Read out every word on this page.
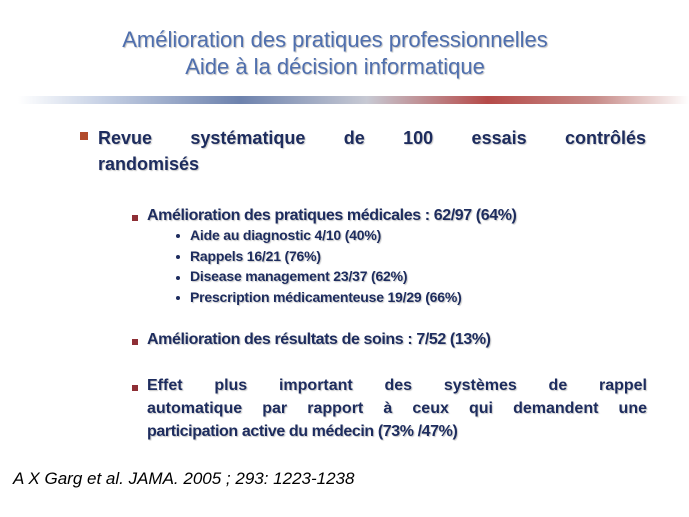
Amélioration des pratiques professionnelles
Aide à la décision informatique
Revue systématique de 100 essais contrôlés
randomisés
Amélioration des pratiques médicales : 62/97 (64%)
Aide au diagnostic 4/10 (40%)
Rappels 16/21 (76%)
Disease management 23/37 (62%)
Prescription médicamenteuse 19/29 (66%)
Amélioration des résultats de soins : 7/52 (13%)
Effet plus important des systèmes de rappel
automatique par rapport à ceux qui demandent une
participation active du médecin (73% /47%)
A X Garg et al. JAMA. 2005 ; 293: 1223-1238
